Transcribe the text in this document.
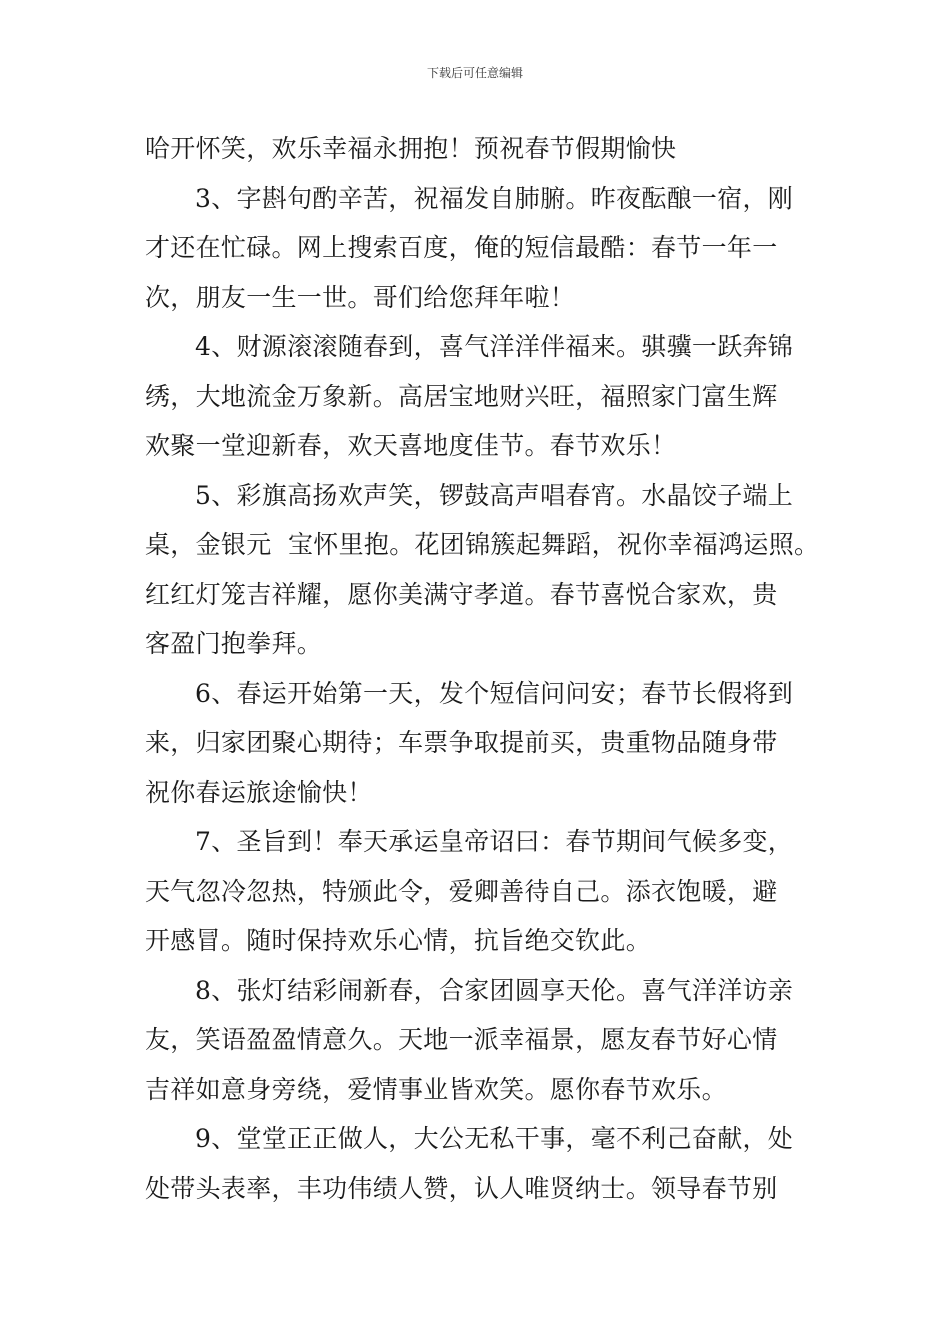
下载后可任意编辑
哈开怀笑，欢乐幸福永拥抱！预祝春节假期愉快
3、字斟句酌辛苦，祝福发自肺腑。昨夜酝酿一宿，刚
才还在忙碌。网上搜索百度，俺的短信最酷：春节一年一
次，朋友一生一世。哥们给您拜年啦！
4、财源滚滚随春到，喜气洋洋伴福来。骐骥一跃奔锦
绣，大地流金万象新。高居宝地财兴旺，福照家门富生辉
欢聚一堂迎新春，欢天喜地度佳节。春节欢乐！
5、彩旗高扬欢声笑，锣鼓高声唱春宵。水晶饺子端上
桌，金银元  宝怀里抱。花团锦簇起舞蹈，祝你幸福鸿运照。
红红灯笼吉祥耀，愿你美满守孝道。春节喜悦合家欢，贵
客盈门抱拳拜。
6、春运开始第一天，发个短信问问安；春节长假将到
来，归家团聚心期待；车票争取提前买，贵重物品随身带
祝你春运旅途愉快！
7、圣旨到！奉天承运皇帝诏曰：春节期间气候多变，
天气忽冷忽热，特颁此令，爱卿善待自己。添衣饱暖，避
开感冒。随时保持欢乐心情，抗旨绝交钦此。
8、张灯结彩闹新春，合家团圆享天伦。喜气洋洋访亲
友，笑语盈盈情意久。天地一派幸福景，愿友春节好心情
吉祥如意身旁绕，爱情事业皆欢笑。愿你春节欢乐。
9、堂堂正正做人，大公无私干事，毫不利己奋献，处
处带头表率，丰功伟绩人赞，认人唯贤纳士。领导春节别
